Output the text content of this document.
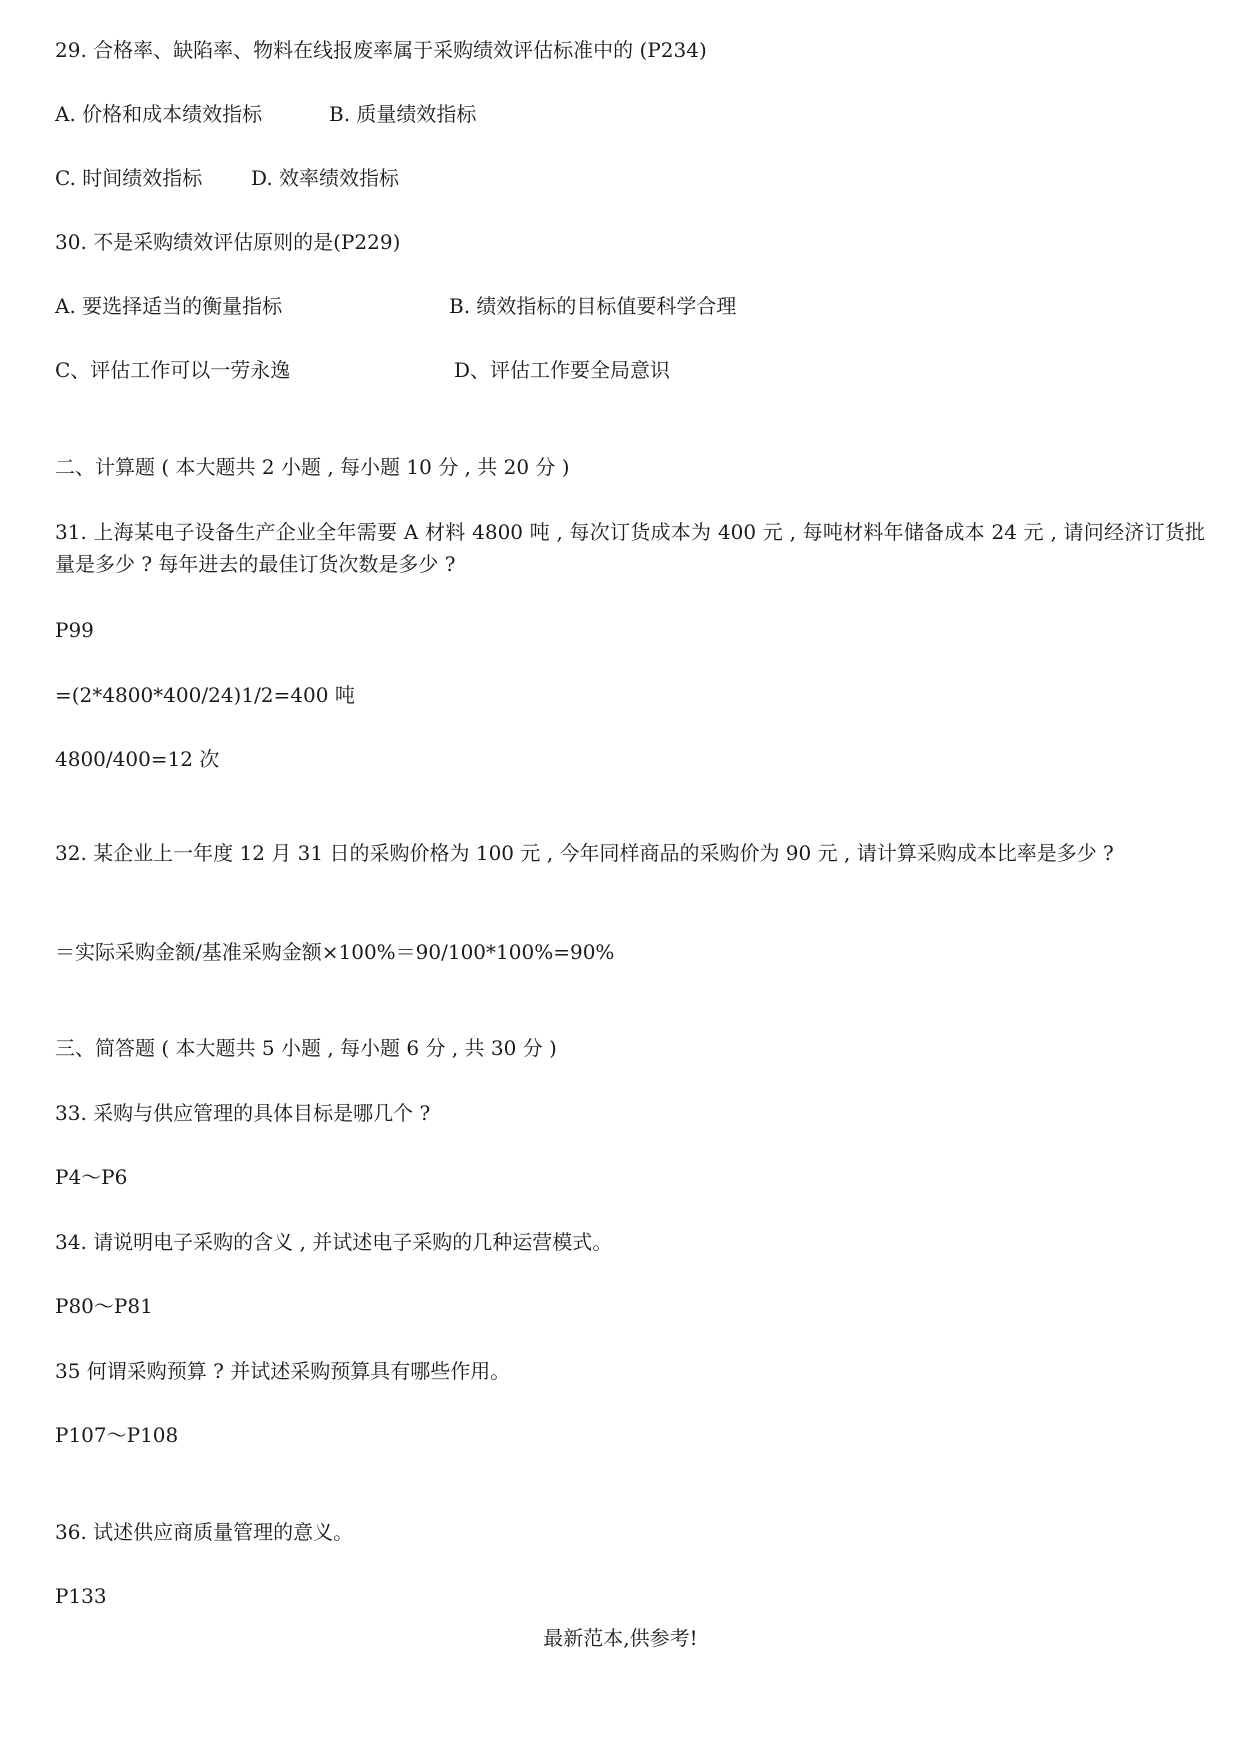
29. 合格率、缺陷率、物料在线报废率属于采购绩效评估标准中的 (P234)
A. 价格和成本绩效指标	B. 质量绩效指标
C. 时间绩效指标 D. 效率绩效指标
30. 不是采购绩效评估原则的是(P229)
A. 要选择适当的衡量指标	B. 绩效指标的目标值要科学合理
C、评估工作可以一劳永逸	D、评估工作要全局意识
二、计算题 ( 本大题共 2 小题 , 每小题 10 分 , 共 20 分 )
31. 上海某电子设备生产企业全年需要 A 材料 4800 吨 , 每次订货成本为 400 元 , 每吨材料年储备成本 24 元 , 请问经济订货批量是多少 ? 每年进去的最佳订货次数是多少 ?
P99
=(2*4800*400/24)1/2=400 吨
4800/400=12 次
32. 某企业上一年度 12 月 31 日的采购价格为 100 元 , 今年同样商品的采购价为 90 元 , 请计算采购成本比率是多少 ?
＝实际采购金额/基准采购金额×100%＝90/100*100%=90%
三、简答题 ( 本大题共 5 小题 , 每小题 6 分 , 共 30 分 )
33. 采购与供应管理的具体目标是哪几个 ?
P4～P6
34. 请说明电子采购的含义 , 并试述电子采购的几种运营模式。
P80～P81
35 何谓采购预算 ? 并试述采购预算具有哪些作用。
P107～P108
36. 试述供应商质量管理的意义。
P133
最新范本,供参考!
